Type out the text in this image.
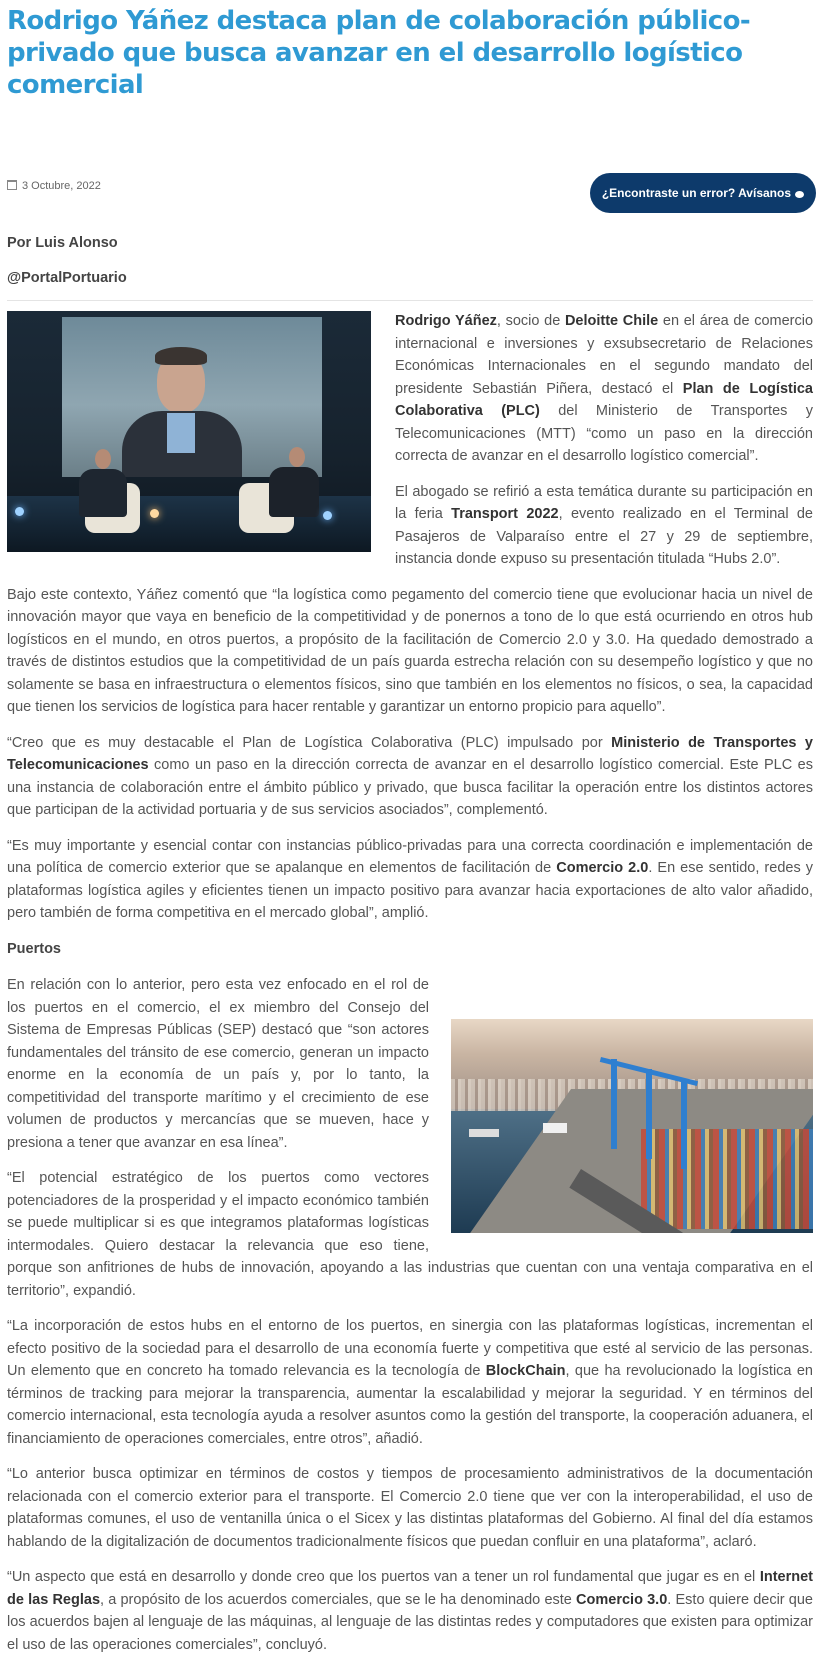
Rodrigo Yáñez destaca plan de colaboración público-privado que busca avanzar en el desarrollo logístico comercial
3 Octubre, 2022	¿Encontraste un error? Avísanos
Por Luis Alonso
@PortalPortuario

Rodrigo Yáñez, socio de Deloitte Chile en el área de comercio internacional e inversiones y exsubsecretario de Relaciones Económicas Internacionales en el segundo mandato del presidente Sebastián Piñera, destacó el Plan de Logística Colaborativa (PLC) del Ministerio de Transportes y Telecomunicaciones (MTT) “como un paso en la dirección correcta de avanzar en el desarrollo logístico comercial”.

El abogado se refirió a esta temática durante su participación en la feria Transport 2022, evento realizado en el Terminal de Pasajeros de Valparaíso entre el 27 y 29 de septiembre, instancia donde expuso su presentación titulada “Hubs 2.0”.

Bajo este contexto, Yáñez comentó que “la logística como pegamento del comercio tiene que evolucionar hacia un nivel de innovación mayor que vaya en beneficio de la competitividad y de ponernos a tono de lo que está ocurriendo en otros hub logísticos en el mundo, en otros puertos, a propósito de la facilitación de Comercio 2.0 y 3.0. Ha quedado demostrado a través de distintos estudios que la competitividad de un país guarda estrecha relación con su desempeño logístico y que no solamente se basa en infraestructura o elementos físicos, sino que también en los elementos no físicos, o sea, la capacidad que tienen los servicios de logística para hacer rentable y garantizar un entorno propicio para aquello”.

“Creo que es muy destacable el Plan de Logística Colaborativa (PLC) impulsado por Ministerio de Transportes y Telecomunicaciones como un paso en la dirección correcta de avanzar en el desarrollo logístico comercial. Este PLC es una instancia de colaboración entre el ámbito público y privado, que busca facilitar la operación entre los distintos actores que participan de la actividad portuaria y de sus servicios asociados”, complementó.

“Es muy importante y esencial contar con instancias público-privadas para una correcta coordinación e implementación de una política de comercio exterior que se apalanque en elementos de facilitación de Comercio 2.0. En ese sentido, redes y plataformas logística agiles y eficientes tienen un impacto positivo para avanzar hacia exportaciones de alto valor añadido, pero también de forma competitiva en el mercado global”, amplió.

Puertos

En relación con lo anterior, pero esta vez enfocado en el rol de los puertos en el comercio, el ex miembro del Consejo del Sistema de Empresas Públicas (SEP) destacó que “son actores fundamentales del tránsito de ese comercio, generan un impacto enorme en la economía de un país y, por lo tanto, la competitividad del transporte marítimo y el crecimiento de ese volumen de productos y mercancías que se mueven, hace y presiona a tener que avanzar en esa línea”.

“El potencial estratégico de los puertos como vectores potenciadores de la prosperidad y el impacto económico también se puede multiplicar si es que integramos plataformas logísticas intermodales. Quiero destacar la relevancia que eso tiene, porque son anfitriones de hubs de innovación, apoyando a las industrias que cuentan con una ventaja comparativa en el territorio”, expandió.

“La incorporación de estos hubs en el entorno de los puertos, en sinergia con las plataformas logísticas, incrementan el efecto positivo de la sociedad para el desarrollo de una economía fuerte y competitiva que esté al servicio de las personas. Un elemento que en concreto ha tomado relevancia es la tecnología de BlockChain, que ha revolucionado la logística en términos de tracking para mejorar la transparencia, aumentar la escalabilidad y mejorar la seguridad. Y en términos del comercio internacional, esta tecnología ayuda a resolver asuntos como la gestión del transporte, la cooperación aduanera, el financiamiento de operaciones comerciales, entre otros”, añadió.

“Lo anterior busca optimizar en términos de costos y tiempos de procesamiento administrativos de la documentación relacionada con el comercio exterior para el transporte. El Comercio 2.0 tiene que ver con la interoperabilidad, el uso de plataformas comunes, el uso de ventanilla única o el Sicex y las distintas plataformas del Gobierno. Al final del día estamos hablando de la digitalización de documentos tradicionalmente físicos que puedan confluir en una plataforma”, aclaró.

“Un aspecto que está en desarrollo y donde creo que los puertos van a tener un rol fundamental que jugar es en el Internet de las Reglas, a propósito de los acuerdos comerciales, que se le ha denominado este Comercio 3.0. Esto quiere decir que los acuerdos bajen al lenguaje de las máquinas, al lenguaje de las distintas redes y computadores que existen para optimizar el uso de las operaciones comerciales”, concluyó.
